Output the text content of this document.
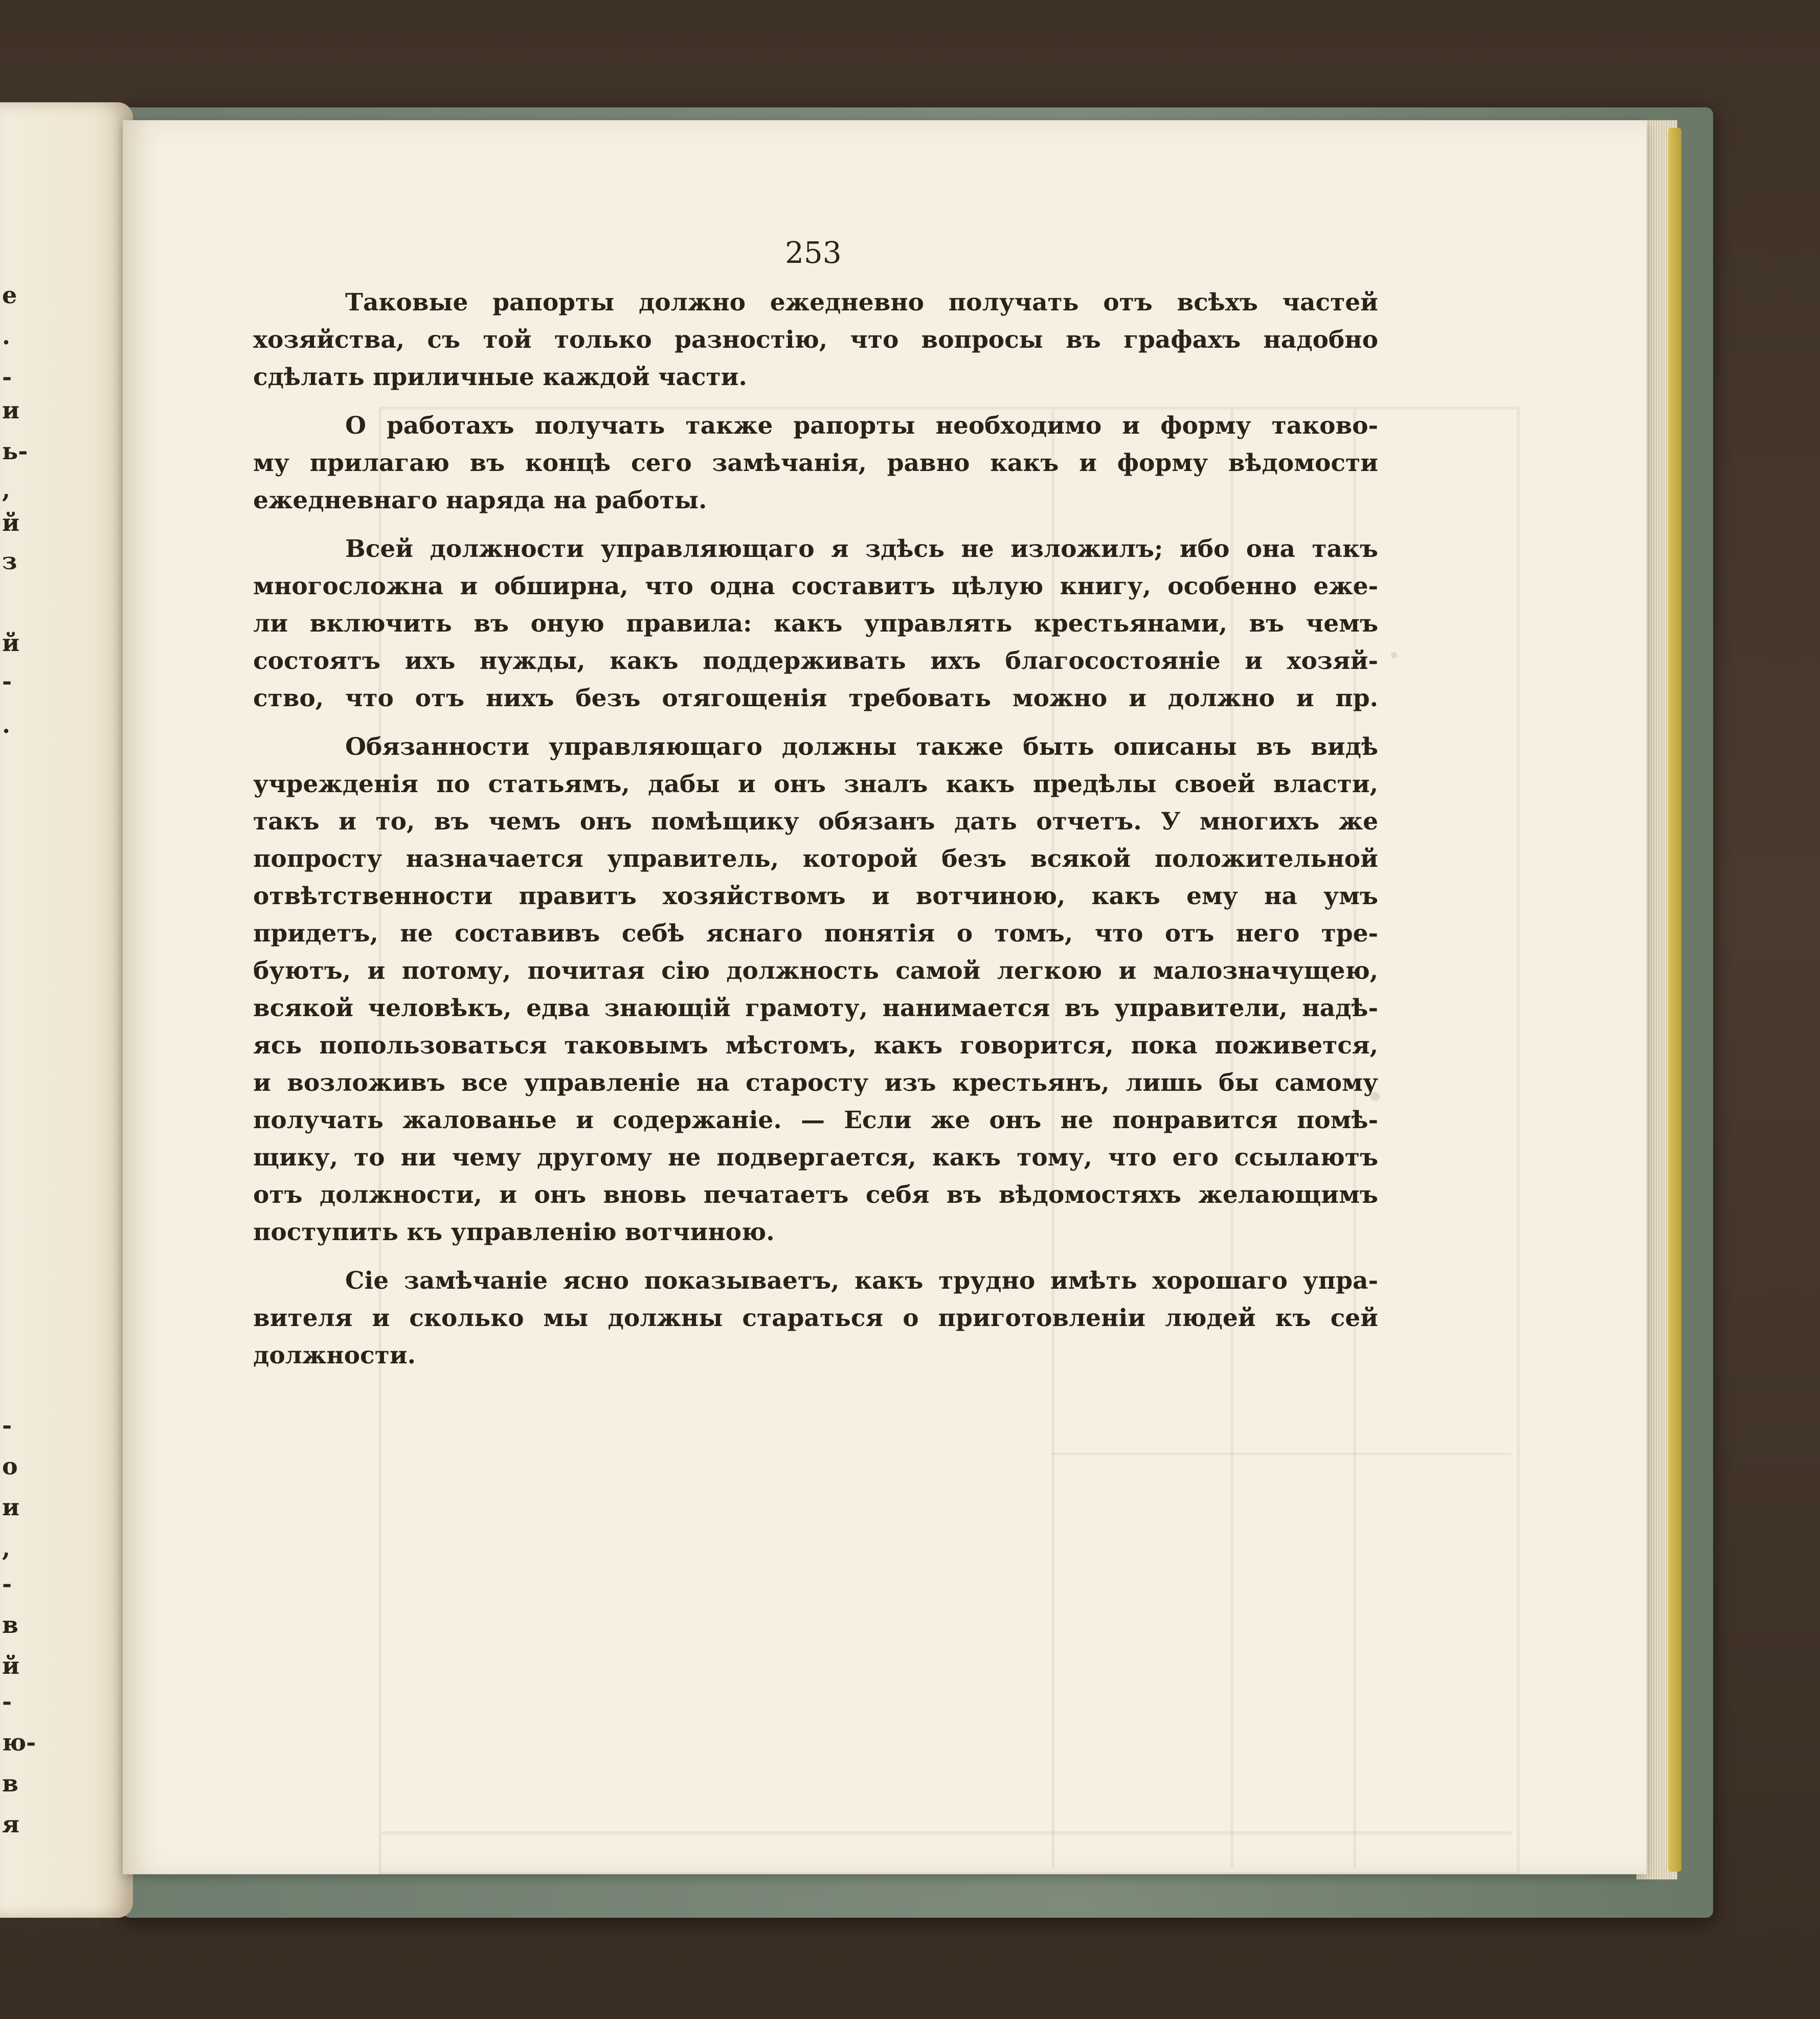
е
.
-
и
ь-
,
й
з
й
-
.
-
о
и
,
-
в
й
-
ю-
в
я
253
Таковые рапорты должно ежедневно получать отъ всѣхъ частей
хозяйства, съ той только разностію, что вопросы въ графахъ надобно
сдѣлать приличные каждой части.
О работахъ получать также рапорты необходимо и форму таково-
му прилагаю въ концѣ сего замѣчанія, равно какъ и форму вѣдомости
ежедневнаго наряда на работы.
Всей должности управляющаго я здѣсь не изложилъ; ибо она такъ
многосложна и обширна, что одна составитъ цѣлую книгу, особенно еже-
ли включить въ оную правила: какъ управлять крестьянами, въ чемъ
состоятъ ихъ нужды, какъ поддерживать ихъ благосостояніе и хозяй-
ство, что отъ нихъ безъ отягощенія требовать можно и должно и пр.
Обязанности управляющаго должны также быть описаны въ видѣ
учрежденія по статьямъ, дабы и онъ зналъ какъ предѣлы своей власти,
такъ и то, въ чемъ онъ помѣщику обязанъ дать отчетъ. У многихъ же
попросту назначается управитель, которой безъ всякой положительной
отвѣтственности правитъ хозяйствомъ и вотчиною, какъ ему на умъ
придетъ, не составивъ себѣ яснаго понятія о томъ, что отъ него тре-
буютъ, и потому, почитая сію должность самой легкою и малозначущею,
всякой человѣкъ, едва знающій грамоту, нанимается въ управители, надѣ-
ясь попользоваться таковымъ мѣстомъ, какъ говорится, пока поживется,
и возложивъ все управленіе на старосту изъ крестьянъ, лишь бы самому
получать жалованье и содержаніе. — Если же онъ не понравится помѣ-
щику, то ни чему другому не подвергается, какъ тому, что его ссылаютъ
отъ должности, и онъ вновь печатаетъ себя въ вѣдомостяхъ желающимъ
поступить къ управленію вотчиною.
Сіе замѣчаніе ясно показываетъ, какъ трудно имѣть хорошаго упра-
вителя и сколько мы должны стараться о приготовленіи людей къ сей
должности.
